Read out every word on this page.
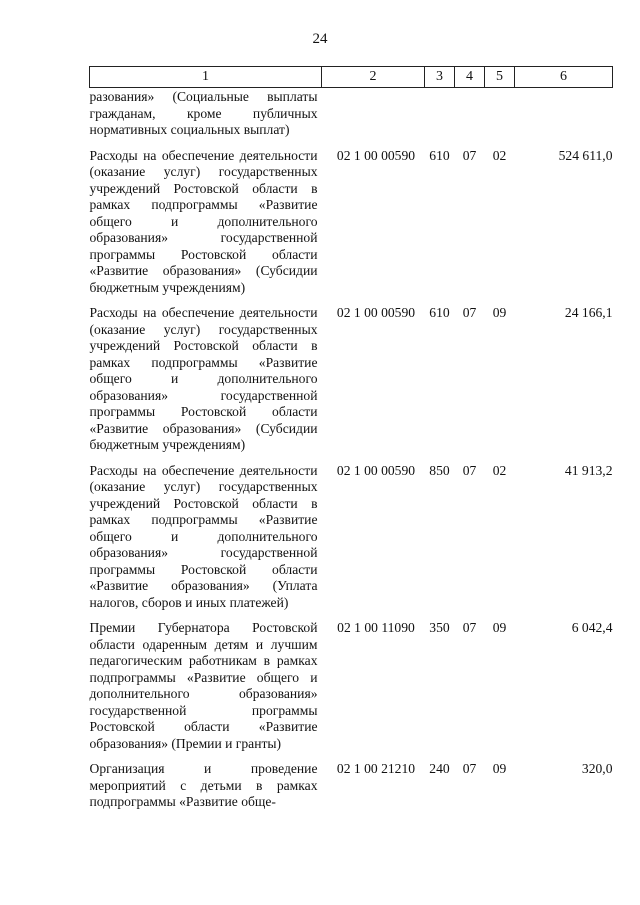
24
1	2	3	4	5	6
разования» (Социальные выплаты гражданам, кроме публичных нормативных социальных выплат)					
Расходы на обеспечение деятельности (оказание услуг) государственных учреждений Ростовской области в рамках подпрограммы «Развитие общего и дополнительного образования» государственной программы Ростовской области «Развитие образования» (Субсидии бюджетным учреждениям)	02 1 00 00590	610	07	02	524 611,0
Расходы на обеспечение деятельности (оказание услуг) государственных учреждений Ростовской области в рамках подпрограммы «Развитие общего и дополнительного образования» государственной программы Ростовской области «Развитие образования» (Субсидии бюджетным учреждениям)	02 1 00 00590	610	07	09	24 166,1
Расходы на обеспечение деятельности (оказание услуг) государственных учреждений Ростовской области в рамках подпрограммы «Развитие общего и дополнительного образования» государственной программы Ростовской области «Развитие образования» (Уплата налогов, сборов и иных платежей)	02 1 00 00590	850	07	02	41 913,2
Премии Губернатора Ростовской области одаренным детям и лучшим педагогическим работникам в рамках подпрограммы «Развитие общего и дополнительного образования» государственной программы Ростовской области «Развитие образования» (Премии и гранты)	02 1 00 11090	350	07	09	6 042,4
Организация и проведение мероприятий с детьми в рамках подпрограммы «Развитие обще-	02 1 00 21210	240	07	09	320,0
